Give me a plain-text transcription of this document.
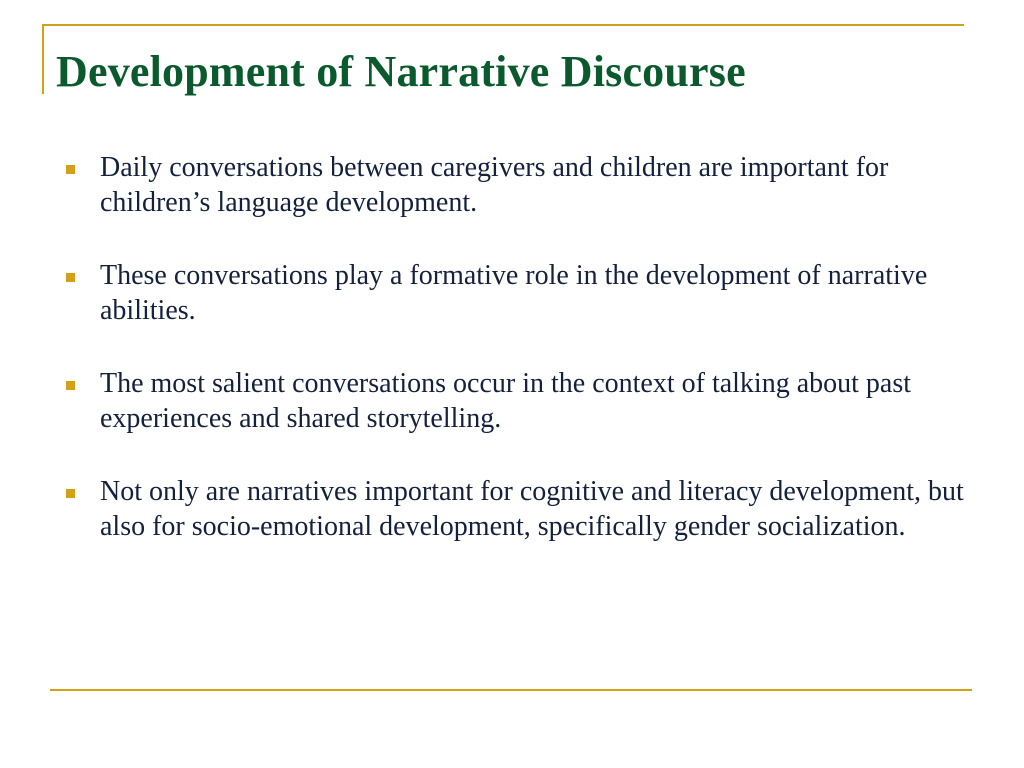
Development of Narrative Discourse
Daily conversations between caregivers and children are important for children’s language development.
These conversations play a formative role in the development of narrative abilities.
The most salient conversations occur in the context of talking about past experiences and shared storytelling.
Not only are narratives important for cognitive and literacy development, but also for socio-emotional development, specifically gender socialization.
